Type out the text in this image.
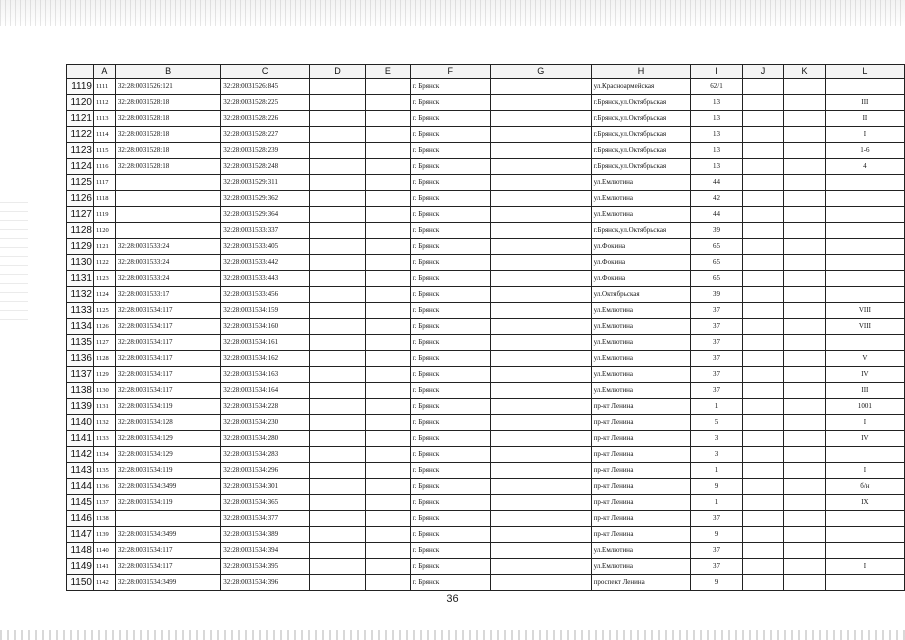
	A	B	C	D	E	F	G	H	I	J	K	L
1119	1111	32:28:0031526:121	32:28:0031526:845			г. Брянск		ул.Красноармейская	62/1			
1120	1112	32:28:0031528:18	32:28:0031528:225			г. Брянск		г.Брянск,ул.Октябрьская	13			III
1121	1113	32:28:0031528:18	32:28:0031528:226			г. Брянск		г.Брянск,ул.Октябрьская	13			II
1122	1114	32:28:0031528:18	32:28:0031528:227			г. Брянск		г.Брянск,ул.Октябрьская	13			I
1123	1115	32:28:0031528:18	32:28:0031528:239			г. Брянск		г.Брянск,ул.Октябрьская	13			1-6
1124	1116	32:28:0031528:18	32:28:0031528:248			г. Брянск		г.Брянск,ул.Октябрьская	13			4
1125	1117		32:28:0031529:311			г. Брянск		ул.Емлютина	44			
1126	1118		32:28:0031529:362			г. Брянск		ул.Емлютина	42			
1127	1119		32:28:0031529:364			г. Брянск		ул.Емлютина	44			
1128	1120		32:28:0031533:337			г. Брянск		г.Брянск,ул.Октябрьская	39			
1129	1121	32:28:0031533:24	32:28:0031533:405			г. Брянск		ул.Фокина	65			
1130	1122	32:28:0031533:24	32:28:0031533:442			г. Брянск		ул.Фокина	65			
1131	1123	32:28:0031533:24	32:28:0031533:443			г. Брянск		ул.Фокина	65			
1132	1124	32:28:0031533:17	32:28:0031533:456			г. Брянск		ул.Октябрьская	39			
1133	1125	32:28:0031534:117	32:28:0031534:159			г. Брянск		ул.Емлютина	37			VIII
1134	1126	32:28:0031534:117	32:28:0031534:160			г. Брянск		ул.Емлютина	37			VIII
1135	1127	32:28:0031534:117	32:28:0031534:161			г. Брянск		ул.Емлютина	37			
1136	1128	32:28:0031534:117	32:28:0031534:162			г. Брянск		ул.Емлютина	37			V
1137	1129	32:28:0031534:117	32:28:0031534:163			г. Брянск		ул.Емлютина	37			IV
1138	1130	32:28:0031534:117	32:28:0031534:164			г. Брянск		ул.Емлютина	37			III
1139	1131	32:28:0031534:119	32:28:0031534:228			г. Брянск		пр-кт Ленина	1			1001
1140	1132	32:28:0031534:128	32:28:0031534:230			г. Брянск		пр-кт Ленина	5			I
1141	1133	32:28:0031534:129	32:28:0031534:280			г. Брянск		пр-кт Ленина	3			IV
1142	1134	32:28:0031534:129	32:28:0031534:283			г. Брянск		пр-кт Ленина	3			
1143	1135	32:28:0031534:119	32:28:0031534:296			г. Брянск		пр-кт Ленина	1			I
1144	1136	32:28:0031534:3499	32:28:0031534:301			г. Брянск		пр-кт Ленина	9			б/н
1145	1137	32:28:0031534:119	32:28:0031534:365			г. Брянск		пр-кт Ленина	1			IX
1146	1138		32:28:0031534:377			г. Брянск		пр-кт Ленина	37			
1147	1139	32:28:0031534:3499	32:28:0031534:389			г. Брянск		пр-кт Ленина	9			
1148	1140	32:28:0031534:117	32:28:0031534:394			г. Брянск		ул.Емлютина	37			
1149	1141	32:28:0031534:117	32:28:0031534:395			г. Брянск		ул.Емлютина	37			I
1150	1142	32:28:0031534:3499	32:28:0031534:396			г. Брянск		проспект Ленина	9			
36
